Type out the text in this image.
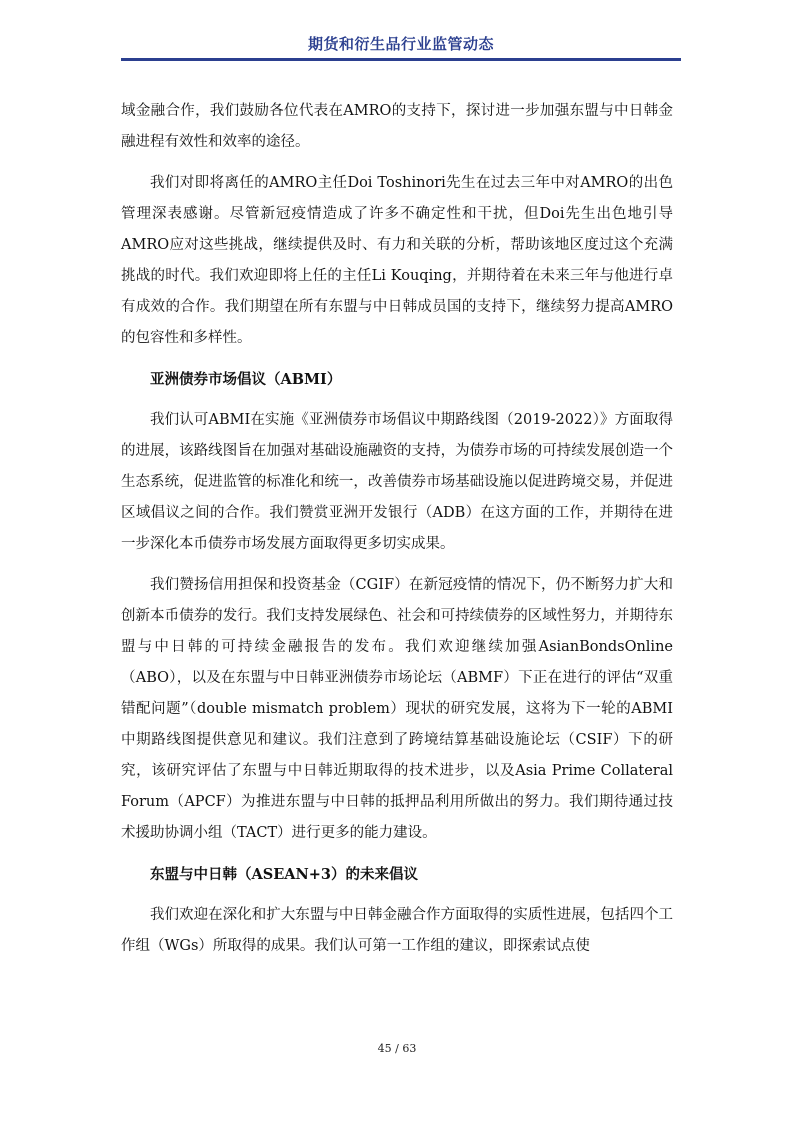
期货和衍生品行业监管动态

域金融合作，我们鼓励各位代表在AMRO的支持下，探讨进一步加强东盟与中日韩金融进程有效性和效率的途径。

我们对即将离任的AMRO主任Doi Toshinori先生在过去三年中对AMRO的出色管理深表感谢。尽管新冠疫情造成了许多不确定性和干扰，但Doi先生出色地引导AMRO应对这些挑战，继续提供及时、有力和关联的分析，帮助该地区度过这个充满挑战的时代。我们欢迎即将上任的主任Li Kouqing，并期待着在未来三年与他进行卓有成效的合作。我们期望在所有东盟与中日韩成员国的支持下，继续努力提高AMRO的包容性和多样性。

亚洲债券市场倡议（ABMI）

我们认可ABMI在实施《亚洲债券市场倡议中期路线图（2019-2022）》方面取得的进展，该路线图旨在加强对基础设施融资的支持，为债券市场的可持续发展创造一个生态系统，促进监管的标准化和统一，改善债券市场基础设施以促进跨境交易，并促进区域倡议之间的合作。我们赞赏亚洲开发银行（ADB）在这方面的工作，并期待在进一步深化本币债券市场发展方面取得更多切实成果。

我们赞扬信用担保和投资基金（CGIF）在新冠疫情的情况下，仍不断努力扩大和创新本币债券的发行。我们支持发展绿色、社会和可持续债券的区域性努力，并期待东盟与中日韩的可持续金融报告的发布。我们欢迎继续加强AsianBondsOnline（ABO），以及在东盟与中日韩亚洲债券市场论坛（ABMF）下正在进行的评估“双重错配问题”（double mismatch problem）现状的研究发展，这将为下一轮的ABMI中期路线图提供意见和建议。我们注意到了跨境结算基础设施论坛（CSIF）下的研究，该研究评估了东盟与中日韩近期取得的技术进步，以及Asia Prime Collateral Forum（APCF）为推进东盟与中日韩的抵押品利用所做出的努力。我们期待通过技术援助协调小组（TACT）进行更多的能力建设。

东盟与中日韩（ASEAN+3）的未来倡议

我们欢迎在深化和扩大东盟与中日韩金融合作方面取得的实质性进展，包括四个工作组（WGs）所取得的成果。我们认可第一工作组的建议，即探索试点使

45 / 63
